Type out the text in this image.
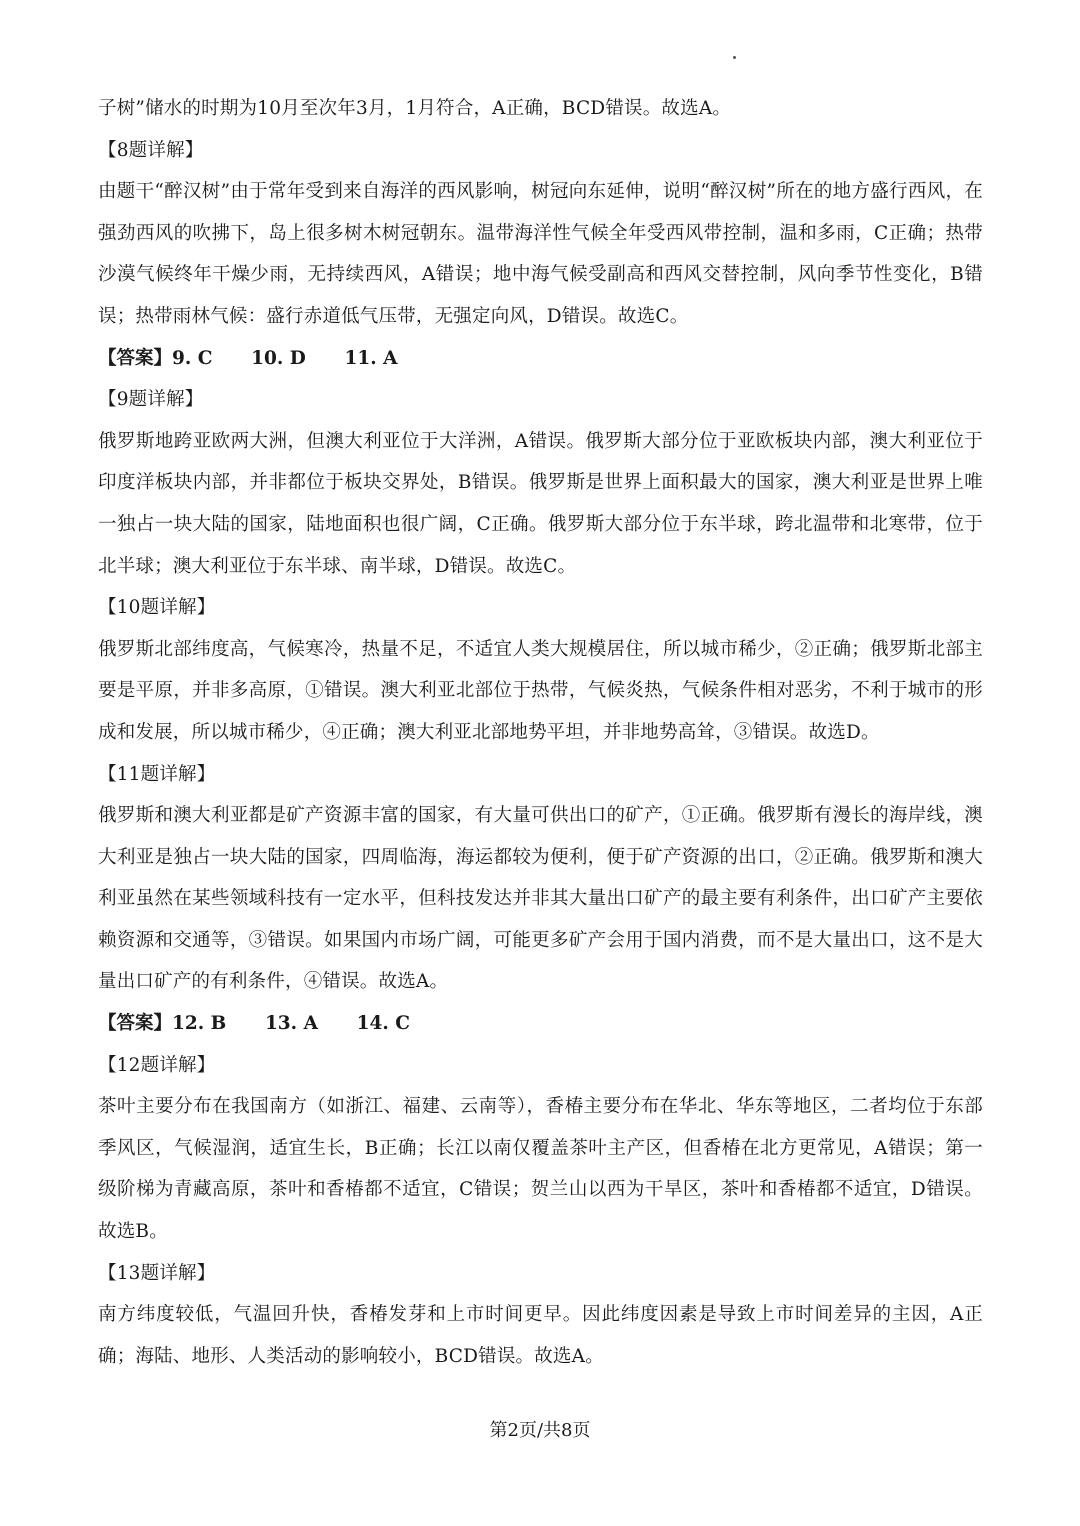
子树”储水的时期为10月至次年3月，1月符合，A正确，BCD错误。故选A。

【8题详解】

由题干“醉汉树”由于常年受到来自海洋的西风影响，树冠向东延伸，说明“醉汉树”所在的地方盛行西风，在强劲西风的吹拂下，岛上很多树木树冠朝东。温带海洋性气候全年受西风带控制，温和多雨，C正确；热带沙漠气候终年干燥少雨，无持续西风，A错误；地中海气候受副高和西风交替控制，风向季节性变化，B错误；热带雨林气候：盛行赤道低气压带，无强定向风，D错误。故选C。

【答案】9. C 10. D 11. A

【9题详解】

俄罗斯地跨亚欧两大洲，但澳大利亚位于大洋洲，A错误。俄罗斯大部分位于亚欧板块内部，澳大利亚位于印度洋板块内部，并非都位于板块交界处，B错误。俄罗斯是世界上面积最大的国家，澳大利亚是世界上唯一独占一块大陆的国家，陆地面积也很广阔，C正确。俄罗斯大部分位于东半球，跨北温带和北寒带，位于北半球；澳大利亚位于东半球、南半球，D错误。故选C。

【10题详解】

俄罗斯北部纬度高，气候寒冷，热量不足，不适宜人类大规模居住，所以城市稀少，②正确；俄罗斯北部主要是平原，并非多高原，①错误。澳大利亚北部位于热带，气候炎热，气候条件相对恶劣，不利于城市的形成和发展，所以城市稀少，④正确；澳大利亚北部地势平坦，并非地势高耸，③错误。故选D。

【11题详解】

俄罗斯和澳大利亚都是矿产资源丰富的国家，有大量可供出口的矿产，①正确。俄罗斯有漫长的海岸线，澳大利亚是独占一块大陆的国家，四周临海，海运都较为便利，便于矿产资源的出口，②正确。俄罗斯和澳大利亚虽然在某些领域科技有一定水平，但科技发达并非其大量出口矿产的最主要有利条件，出口矿产主要依赖资源和交通等，③错误。如果国内市场广阔，可能更多矿产会用于国内消费，而不是大量出口，这不是大量出口矿产的有利条件，④错误。故选A。

【答案】12. B 13. A 14. C

【12题详解】

茶叶主要分布在我国南方（如浙江、福建、云南等），香椿主要分布在华北、华东等地区，二者均位于东部季风区，气候湿润，适宜生长，B正确；长江以南仅覆盖茶叶主产区，但香椿在北方更常见，A错误；第一级阶梯为青藏高原，茶叶和香椿都不适宜，C错误；贺兰山以西为干旱区，茶叶和香椿都不适宜，D错误。故选B。

【13题详解】

南方纬度较低，气温回升快，香椿发芽和上市时间更早。因此纬度因素是导致上市时间差异的主因，A正确；海陆、地形、人类活动的影响较小，BCD错误。故选A。

第2页/共8页
